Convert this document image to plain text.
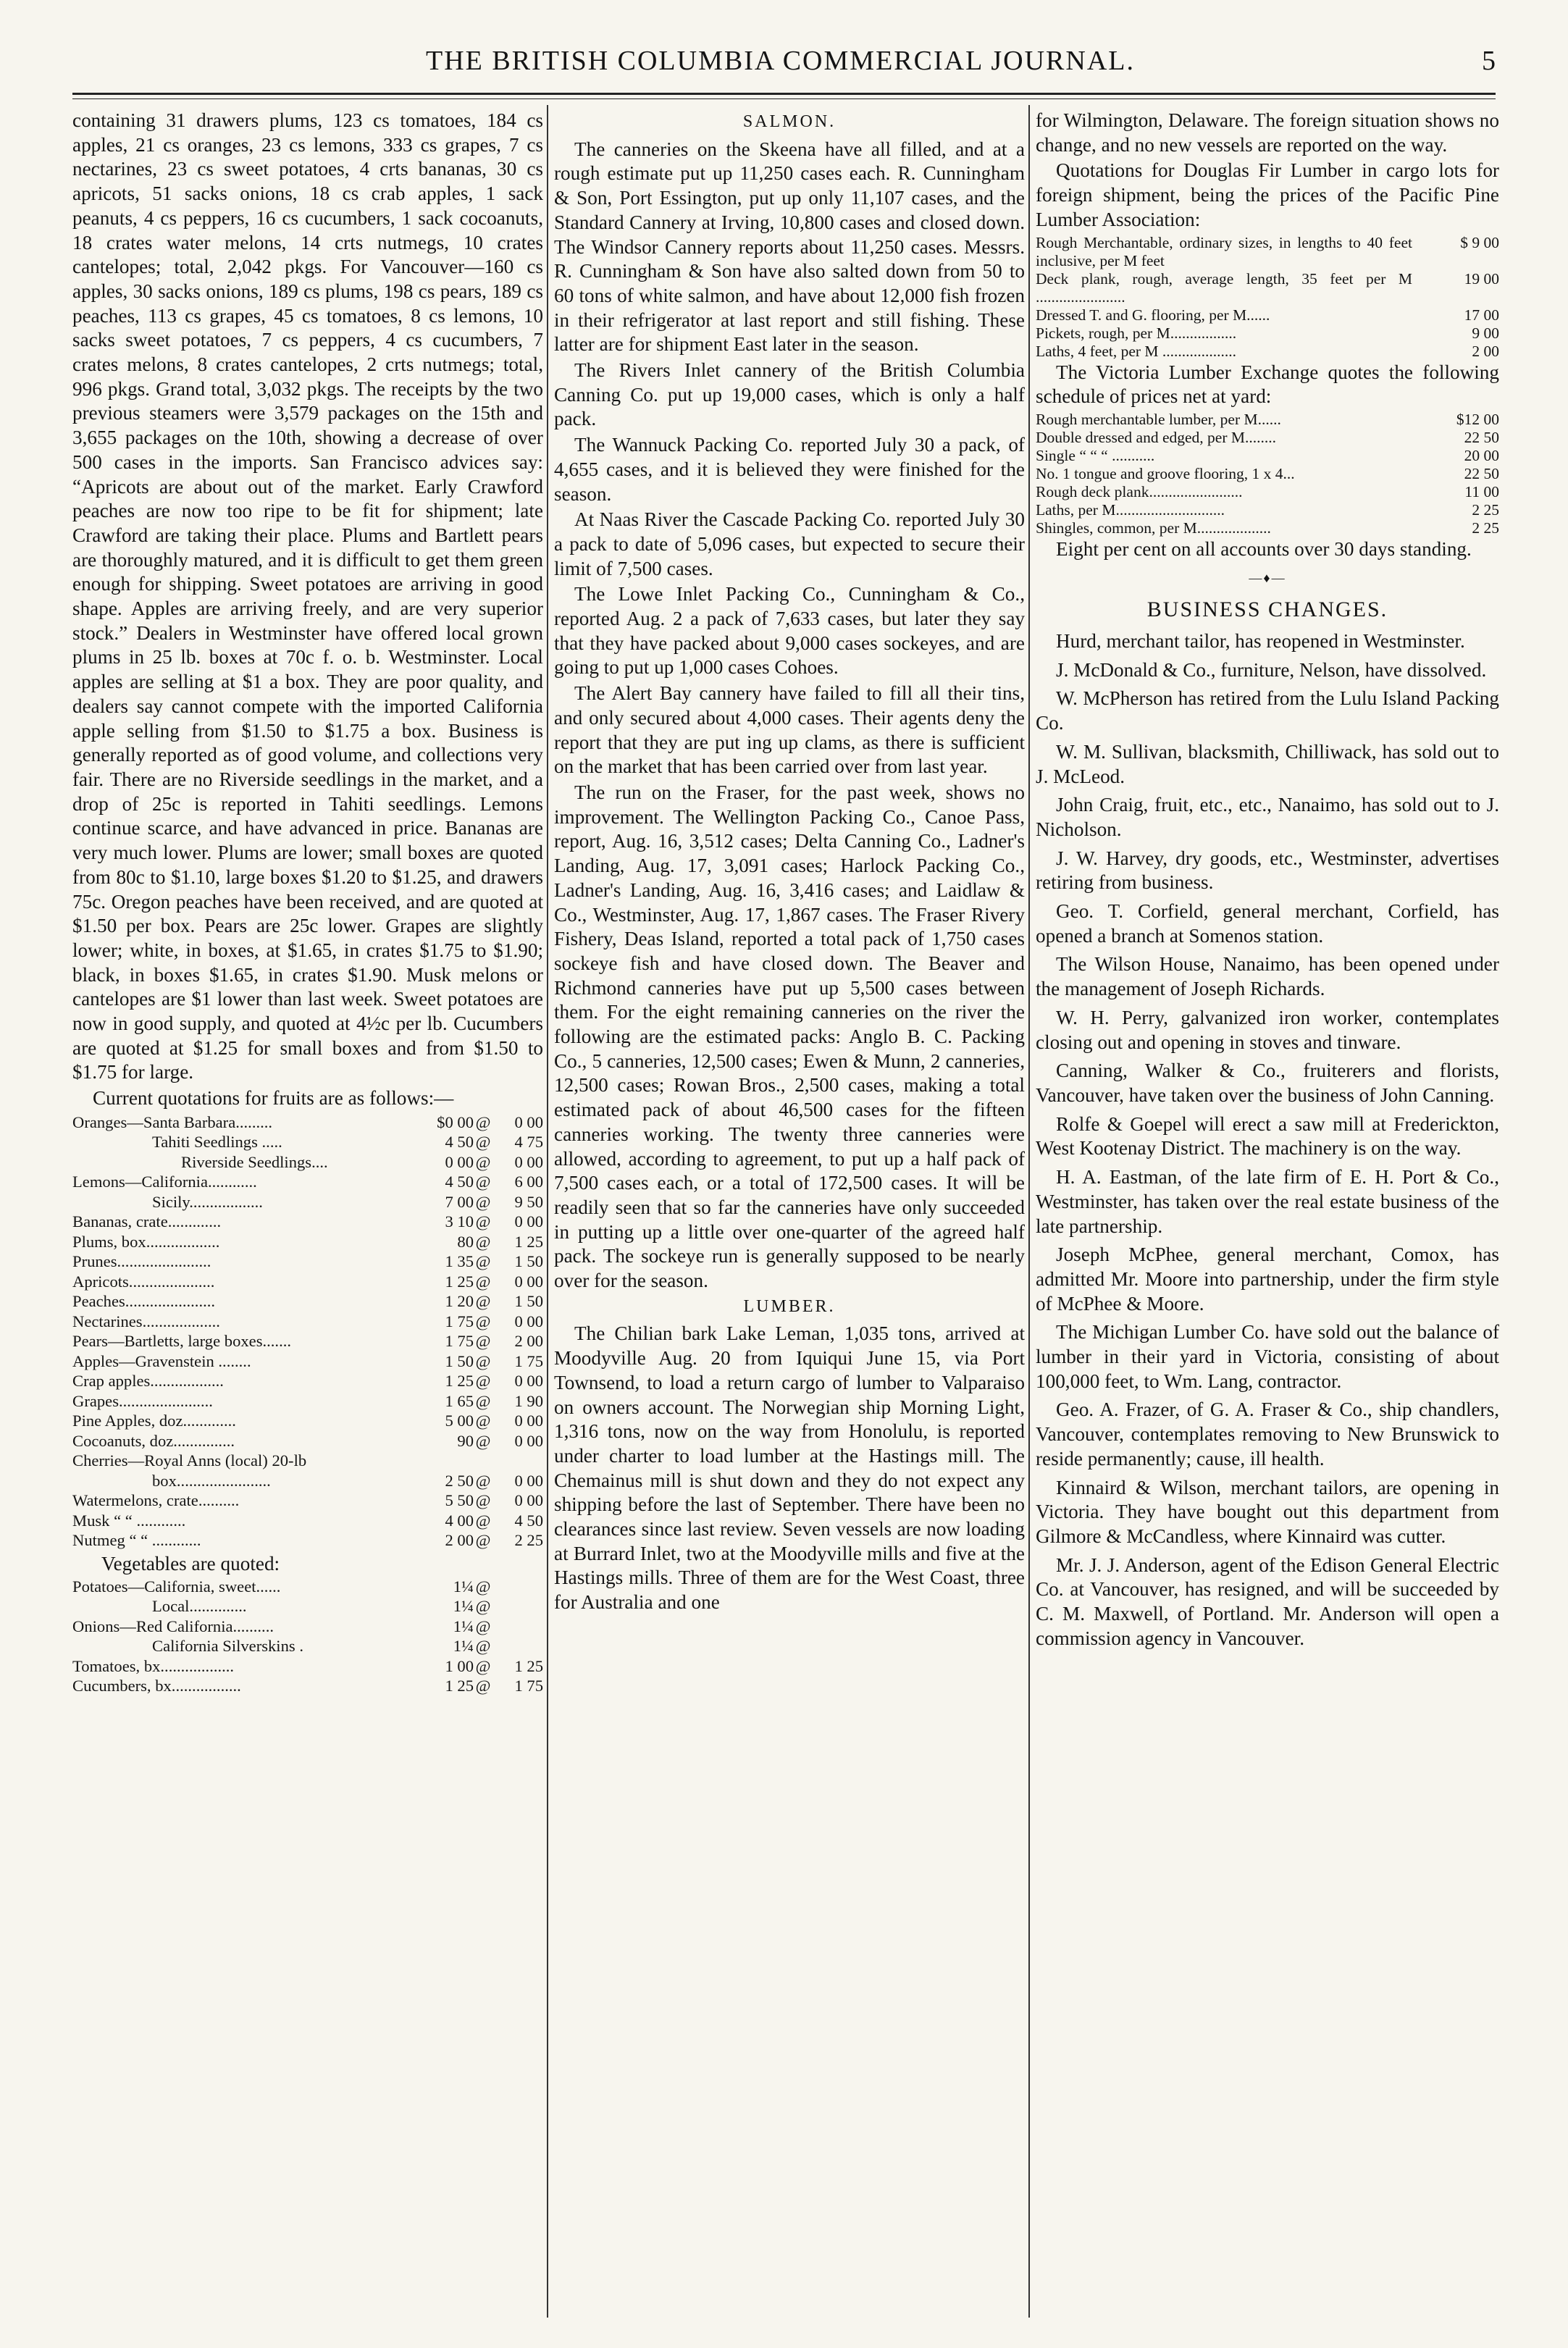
THE BRITISH COLUMBIA COMMERCIAL JOURNAL.	5

containing 31 drawers plums, 123 cs tomatoes, 184 cs apples, 21 cs oranges, 23 cs lemons, 333 cs grapes, 7 cs nectarines, 23 cs sweet potatoes, 4 crts bananas, 30 cs apricots, 51 sacks onions, 18 cs crab apples, 1 sack peanuts, 4 cs peppers, 16 cs cucumbers, 1 sack cocoanuts, 18 crates water melons, 14 crts nutmegs, 10 crates cantelopes; total, 2,042 pkgs. For Vancouver—160 cs apples, 30 sacks onions, 189 cs plums, 198 cs pears, 189 cs peaches, 113 cs grapes, 45 cs tomatoes, 8 cs lemons, 10 sacks sweet potatoes, 7 cs peppers, 4 cs cucumbers, 7 crates melons, 8 crates cantelopes, 2 crts nutmegs; total, 996 pkgs. Grand total, 3,032 pkgs. The receipts by the two previous steamers were 3,579 packages on the 15th and 3,655 packages on the 10th, showing a decrease of over 500 cases in the imports. San Francisco advices say: “Apricots are about out of the market. Early Crawford peaches are now too ripe to be fit for shipment; late Crawford are taking their place. Plums and Bartlett pears are thoroughly matured, and it is difficult to get them green enough for shipping. Sweet potatoes are arriving in good shape. Apples are arriving freely, and are very superior stock.” Dealers in Westminster have offered local grown plums in 25 lb. boxes at 70c f. o. b. Westminster. Local apples are selling at $1 a box. They are poor quality, and dealers say cannot compete with the imported California apple selling from $1.50 to $1.75 a box. Business is generally reported as of good volume, and collections very fair. There are no Riverside seedlings in the market, and a drop of 25c is reported in Tahiti seedlings. Lemons continue scarce, and have advanced in price. Bananas are very much lower. Plums are lower; small boxes are quoted from 80c to $1.10, large boxes $1.20 to $1.25, and drawers 75c. Oregon peaches have been received, and are quoted at $1.50 per box. Pears are 25c lower. Grapes are slightly lower; white, in boxes, at $1.65, in crates $1.75 to $1.90; black, in boxes $1.65, in crates $1.90. Musk melons or cantelopes are $1 lower than last week. Sweet potatoes are now in good supply, and quoted at 4½c per lb. Cucumbers are quoted at $1.25 for small boxes and from $1.50 to $1.75 for large.

Current quotations for fruits are as follows:—

Oranges—Santa Barbara.........	$0 00	@	0 00
Tahiti Seedlings .....	4 50	@	4 75
Riverside Seedlings....	0 00	@	0 00
Lemons—California............	4 50	@	6 00
Sicily..................	7 00	@	9 50
Bananas, crate.............	3 10	@	0 00
Plums, box..................	80	@	1 25
Prunes.......................	1 35	@	1 50
Apricots.....................	1 25	@	0 00
Peaches......................	1 20	@	1 50
Nectarines...................	1 75	@	0 00
Pears—Bartletts, large boxes.......	1 75	@	2 00
Apples—Gravenstein ........	1 50	@	1 75
Crap apples..................	1 25	@	0 00
Grapes.......................	1 65	@	1 90
Pine Apples, doz.............	5 00	@	0 00
Cocoanuts, doz...............	90	@	0 00
Cherries—Royal Anns (local) 20-lb			
box.......................	2 50	@	0 00
Watermelons, crate..........	5 50	@	0 00
Musk “ “ ............	4 00	@	4 50
Nutmeg “ “ ............	2 00	@	2 25

Vegetables are quoted:

Potatoes—California, sweet......	1¼	@	
Local..............	1¼	@	
Onions—Red California..........	1¼	@	
California Silverskins .	1¼	@	
Tomatoes, bx..................	1 00	@	1 25
Cucumbers, bx.................	1 25	@	1 75
SALMON.

The canneries on the Skeena have all filled, and at a rough estimate put up 11,250 cases each. R. Cunningham & Son, Port Essington, put up only 11,107 cases, and the Standard Cannery at Irving, 10,800 cases and closed down. The Windsor Cannery reports about 11,250 cases. Messrs. R. Cunningham & Son have also salted down from 50 to 60 tons of white salmon, and have about 12,000 fish frozen in their refrigerator at last report and still fishing. These latter are for shipment East later in the season.

The Rivers Inlet cannery of the British Columbia Canning Co. put up 19,000 cases, which is only a half pack.

The Wannuck Packing Co. reported July 30 a pack, of 4,655 cases, and it is believed they were finished for the season.

At Naas River the Cascade Packing Co. reported July 30 a pack to date of 5,096 cases, but expected to secure their limit of 7,500 cases.

The Lowe Inlet Packing Co., Cunningham & Co., reported Aug. 2 a pack of 7,633 cases, but later they say that they have packed about 9,000 cases sockeyes, and are going to put up 1,000 cases Cohoes.

The Alert Bay cannery have failed to fill all their tins, and only secured about 4,000 cases. Their agents deny the report that they are put ing up clams, as there is sufficient on the market that has been carried over from last year.

The run on the Fraser, for the past week, shows no improvement. The Wellington Packing Co., Canoe Pass, report, Aug. 16, 3,512 cases; Delta Canning Co., Ladner's Landing, Aug. 17, 3,091 cases; Harlock Packing Co., Ladner's Landing, Aug. 16, 3,416 cases; and Laidlaw & Co., Westminster, Aug. 17, 1,867 cases. The Fraser Rivery Fishery, Deas Island, reported a total pack of 1,750 cases sockeye fish and have closed down. The Beaver and Richmond canneries have put up 5,500 cases between them. For the eight remaining canneries on the river the following are the estimated packs: Anglo B. C. Packing Co., 5 canneries, 12,500 cases; Ewen & Munn, 2 canneries, 12,500 cases; Rowan Bros., 2,500 cases, making a total estimated pack of about 46,500 cases for the fifteen canneries working. The twenty three canneries were allowed, according to agreement, to put up a half pack of 7,500 cases each, or a total of 172,500 cases. It will be readily seen that so far the canneries have only succeeded in putting up a little over one-quarter of the agreed half pack. The sockeye run is generally supposed to be nearly over for the season.

LUMBER.

The Chilian bark Lake Leman, 1,035 tons, arrived at Moodyville Aug. 20 from Iquiqui June 15, via Port Townsend, to load a return cargo of lumber to Valparaiso on owners account. The Norwegian ship Morning Light, 1,316 tons, now on the way from Honolulu, is reported under charter to load lumber at the Hastings mill. The Chemainus mill is shut down and they do not expect any shipping before the last of September. There have been no clearances since last review. Seven vessels are now loading at Burrard Inlet, two at the Moodyville mills and five at the Hastings mills. Three of them are for the West Coast, three for Australia and one

for Wilmington, Delaware. The foreign situation shows no change, and no new vessels are reported on the way.

Quotations for Douglas Fir Lumber in cargo lots for foreign shipment, being the prices of the Pacific Pine Lumber Association:

Rough Merchantable, ordinary sizes, in lengths to 40 feet inclusive, per M feet	$ 9 00
Deck plank, rough, average length, 35 feet per M .......................	19 00
Dressed T. and G. flooring, per M......	17 00
Pickets, rough, per M.................	9 00
Laths, 4 feet, per M ...................	2 00

The Victoria Lumber Exchange quotes the following schedule of prices net at yard:

Rough merchantable lumber, per M......	$12 00
Double dressed and edged, per M........	22 50
Single “ “ “ ...........	20 00
No. 1 tongue and groove flooring, 1 x 4...	22 50
Rough deck plank........................	11 00
Laths, per M............................	2 25
Shingles, common, per M...................	2 25

Eight per cent on all accounts over 30 days standing.

—♦—
BUSINESS CHANGES.

Hurd, merchant tailor, has reopened in Westminster.

J. McDonald & Co., furniture, Nelson, have dissolved.

W. McPherson has retired from the Lulu Island Packing Co.

W. M. Sullivan, blacksmith, Chilliwack, has sold out to J. McLeod.

John Craig, fruit, etc., etc., Nanaimo, has sold out to J. Nicholson.

J. W. Harvey, dry goods, etc., Westminster, advertises retiring from business.

Geo. T. Corfield, general merchant, Corfield, has opened a branch at Somenos station.

The Wilson House, Nanaimo, has been opened under the management of Joseph Richards.

W. H. Perry, galvanized iron worker, contemplates closing out and opening in stoves and tinware.

Canning, Walker & Co., fruiterers and florists, Vancouver, have taken over the business of John Canning.

Rolfe & Goepel will erect a saw mill at Frederickton, West Kootenay District. The machinery is on the way.

H. A. Eastman, of the late firm of E. H. Port & Co., Westminster, has taken over the real estate business of the late partnership.

Joseph McPhee, general merchant, Comox, has admitted Mr. Moore into partnership, under the firm style of McPhee & Moore.

The Michigan Lumber Co. have sold out the balance of lumber in their yard in Victoria, consisting of about 100,000 feet, to Wm. Lang, contractor.

Geo. A. Frazer, of G. A. Fraser & Co., ship chandlers, Vancouver, contemplates removing to New Brunswick to reside permanently; cause, ill health.

Kinnaird & Wilson, merchant tailors, are opening in Victoria. They have bought out this department from Gilmore & McCandless, where Kinnaird was cutter.

Mr. J. J. Anderson, agent of the Edison General Electric Co. at Vancouver, has resigned, and will be succeeded by C. M. Maxwell, of Portland. Mr. Anderson will open a commission agency in Vancouver.
